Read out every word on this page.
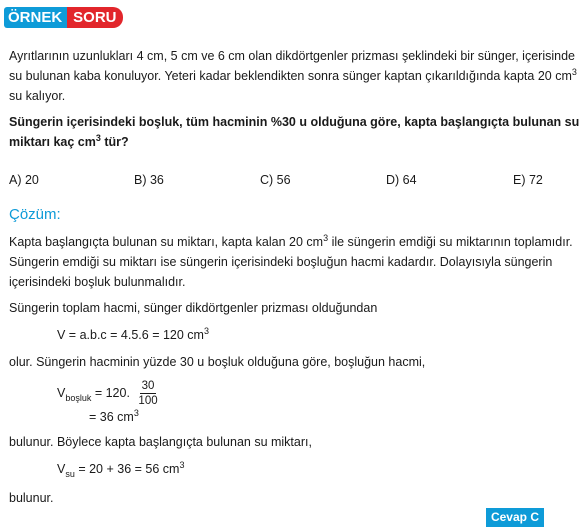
ÖRNEK SORU
Ayrıtlarının uzunlukları 4 cm, 5 cm ve 6 cm olan dikdörtgenler prizması şeklindeki bir sünger, içerisinde
su bulunan kaba konuluyor. Yeteri kadar beklendikten sonra sünger kaptan çıkarıldığında kapta 20 $cm^3$
su kalıyor.
Süngerin içerisindeki boşluk, tüm hacminin %30 u olduğuna göre, kapta başlangıçta bulunan su
miktarı kaç $cm^3$ tür?
A) 20	B) 36	C) 56	D) 64	E) 72
Çözüm:
Kapta başlangıçta bulunan su miktarı, kapta kalan 20 $cm^3$ ile süngerin emdiği su miktarının toplamıdır.
Süngerin emdiği su miktarı ise süngerin içerisindeki boşluğun hacmi kadardır. Dolayısıyla süngerin
içerisindeki boşluk bulunmalıdır.
Süngerin toplam hacmi, sünger dikdörtgenler prizması olduğundan
V = a.b.c = 4.5.6 = 120 $cm^3$
olur. Süngerin hacminin yüzde 30 u boşluk olduğuna göre, boşluğun hacmi,
$V_{boşluk} = 120$. $\frac{30}{100}$
= 36 $cm^3$
bulunur. Böylece kapta başlangıçta bulunan su miktarı,
$V_{su} = 20 + 36 = 56$ $cm^3$
bulunur.
Cevap C
